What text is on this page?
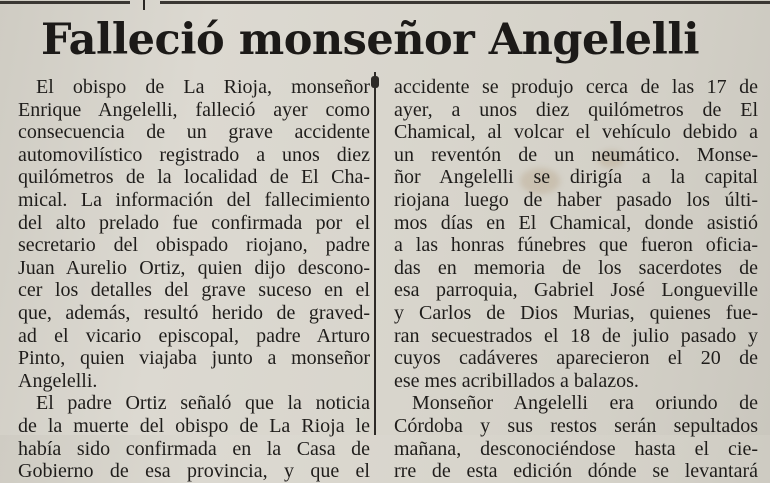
Falleció monseñor Angelelli
El obispo de La Rioja, monseñor
Enrique Angelelli, falleció ayer como
consecuencia de un grave accidente
automovilístico registrado a unos diez
quilómetros de la localidad de El Cha-
mical. La información del fallecimiento
del alto prelado fue confirmada por el
secretario del obispado riojano, padre
Juan Aurelio Ortiz, quien dijo descono-
cer los detalles del grave suceso en el
que, además, resultó herido de graved-
ad el vicario episcopal, padre Arturo
Pinto, quien viajaba junto a monseñor
Angelelli.
El padre Ortiz señaló que la noticia
de la muerte del obispo de La Rioja le
había sido confirmada en la Casa de
Gobierno de esa provincia, y que el
accidente se produjo cerca de las 17 de
ayer, a unos diez quilómetros de El
Chamical, al volcar el vehículo debido a
un reventón de un neumático. Monse-
ñor Angelelli se dirigía a la capital
riojana luego de haber pasado los últi-
mos días en El Chamical, donde asistió
a las honras fúnebres que fueron oficia-
das en memoria de los sacerdotes de
esa parroquia, Gabriel José Longueville
y Carlos de Dios Murias, quienes fue-
ran secuestrados el 18 de julio pasado y
cuyos cadáveres aparecieron el 20 de
ese mes acribillados a balazos.
Monseñor Angelelli era oriundo de
Córdoba y sus restos serán sepultados
mañana, desconociéndose hasta el cie-
rre de esta edición dónde se levantará
